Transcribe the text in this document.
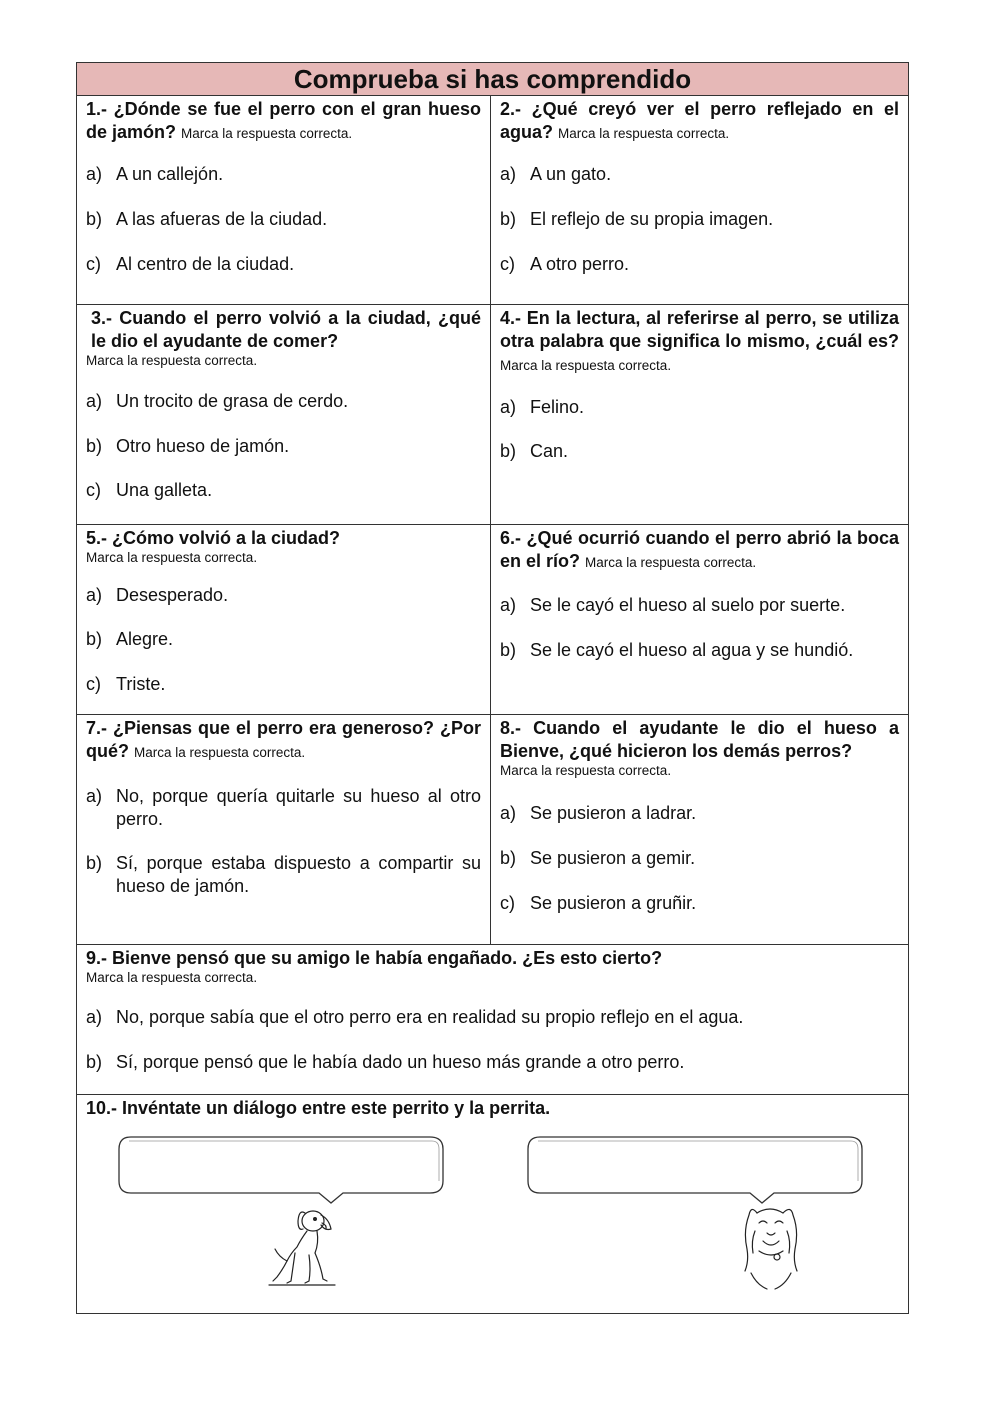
Comprueba si has comprendido

1.- ¿Dónde se fue el perro con el gran hueso de jamón? Marca la respuesta correcta.

a) A un callejón.
b) A las afueras de la ciudad.
c) Al centro de la ciudad.

2.- ¿Qué creyó ver el perro reflejado en el agua? Marca la respuesta correcta.

a) A un gato.
b) El reflejo de su propia imagen.
c) A otro perro.

3.- Cuando el perro volvió a la ciudad, ¿qué le dio el ayudante de comer?

Marca la respuesta correcta.

a) Un trocito de grasa de cerdo.
b) Otro hueso de jamón.
c) Una galleta.

4.- En la lectura, al referirse al perro, se utiliza otra palabra que significa lo mismo, ¿cuál es? Marca la respuesta correcta.

a) Felino.
b) Can.

5.- ¿Cómo volvió a la ciudad?

Marca la respuesta correcta.

a) Desesperado.
b) Alegre.
c) Triste.

6.- ¿Qué ocurrió cuando el perro abrió la boca en el río? Marca la respuesta correcta.

a) Se le cayó el hueso al suelo por suerte.
b) Se le cayó el hueso al agua y se hundió.

7.- ¿Piensas que el perro era generoso? ¿Por qué? Marca la respuesta correcta.

a) No, porque quería quitarle su hueso al otro perro.
b) Sí, porque estaba dispuesto a compartir su hueso de jamón.

8.- Cuando el ayudante le dio el hueso a Bienve, ¿qué hicieron los demás perros?

Marca la respuesta correcta.

a) Se pusieron a ladrar.
b) Se pusieron a gemir.
c) Se pusieron a gruñir.

9.- Bienve pensó que su amigo le había engañado. ¿Es esto cierto?

Marca la respuesta correcta.

a) No, porque sabía que el otro perro era en realidad su propio reflejo en el agua.
b) Sí, porque pensó que le había dado un hueso más grande a otro perro.

10.- Invéntate un diálogo entre este perrito y la perrita.
